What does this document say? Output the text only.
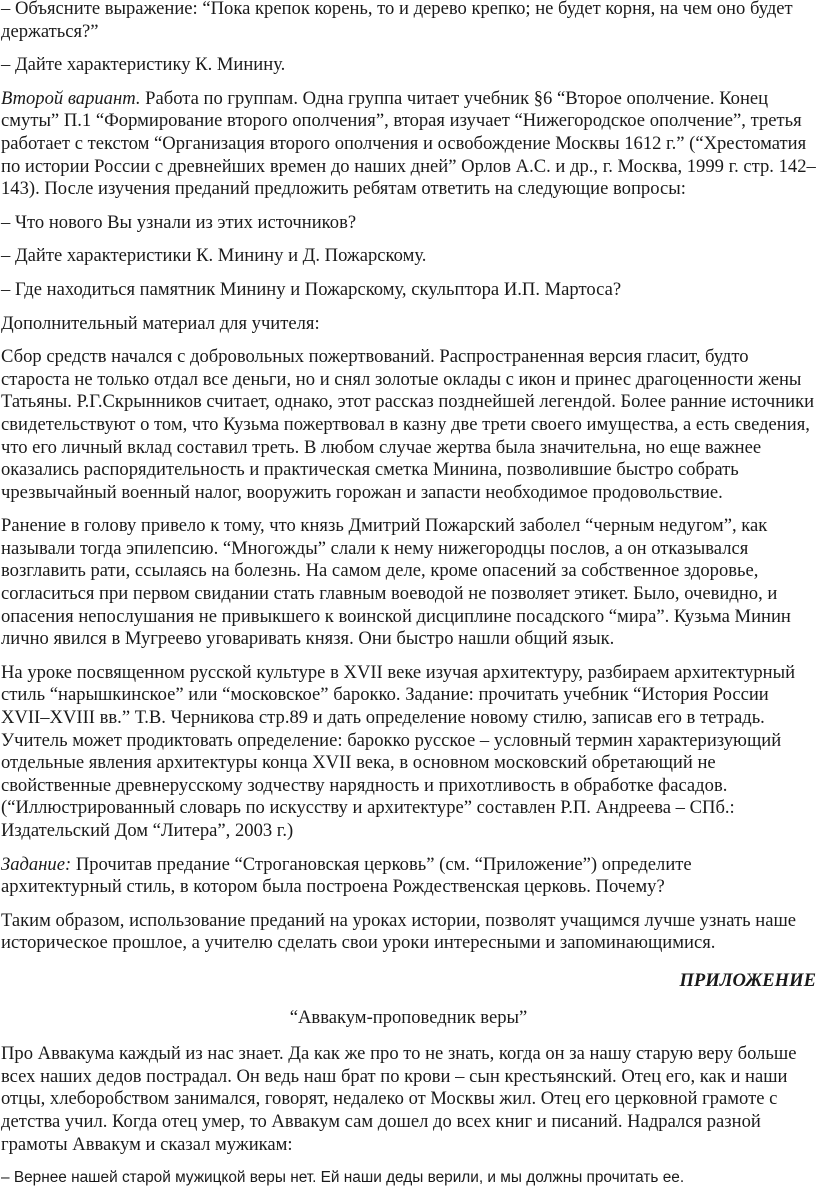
– Объясните выражение: “Пока крепок корень, то и дерево крепко; не будет корня, на чем оно будет держаться?”

– Дайте характеристику К. Минину.

Второй вариант. Работа по группам. Одна группа читает учебник §6 “Второе ополчение. Конец смуты” П.1 “Формирование второго ополчения”, вторая изучает “Нижегородское ополчение”, третья работает с текстом “Организация второго ополчения и освобождение Москвы 1612 г.” (“Хрестоматия по истории России с древнейших времен до наших дней” Орлов А.С. и др., г. Москва, 1999 г. стр. 142–143). После изучения преданий предложить ребятам ответить на следующие вопросы:

– Что нового Вы узнали из этих источников?

– Дайте характеристики К. Минину и Д. Пожарскому.

– Где находиться памятник Минину и Пожарскому, скульптора И.П. Мартоса?

Дополнительный материал для учителя:

Сбор средств начался с добровольных пожертвований. Распространенная версия гласит, будто староста не только отдал все деньги, но и снял золотые оклады с икон и принес драгоценности жены Татьяны. Р.Г.Скрынников считает, однако, этот рассказ позднейшей легендой. Более ранние источники свидетельствуют о том, что Кузьма пожертвовал в казну две трети своего имущества, а есть сведения, что его личный вклад составил треть. В любом случае жертва была значительна, но еще важнее оказались распорядительность и практическая сметка Минина, позволившие быстро собрать чрезвычайный военный налог, вооружить горожан и запасти необходимое продовольствие.

Ранение в голову привело к тому, что князь Дмитрий Пожарский заболел “черным недугом”, как называли тогда эпилепсию. “Многожды” слали к нему нижегородцы послов, а он отказывался возглавить рати, ссылаясь на болезнь. На самом деле, кроме опасений за собственное здоровье, согласиться при первом свидании стать главным воеводой не позволяет этикет. Было, очевидно, и опасения непослушания не привыкшего к воинской дисциплине посадского “мира”. Кузьма Минин лично явился в Мугреево уговаривать князя. Они быстро нашли общий язык.

На уроке посвященном русской культуре в XVII веке изучая архитектуру, разбираем архитектурный стиль “нарышкинское” или “московское” барокко. Задание: прочитать учебник “История России XVII–XVIII вв.” Т.В. Черникова стр.89 и дать определение новому стилю, записав его в тетрадь. Учитель может продиктовать определение: барокко русское – условный термин характеризующий отдельные явления архитектуры конца XVII века, в основном московский обретающий не свойственные древнерусскому зодчеству нарядность и прихотливость в обработке фасадов. (“Иллюстрированный словарь по искусству и архитектуре” составлен Р.П. Андреева – СПб.: Издательский Дом “Литера”, 2003 г.)

Задание: Прочитав предание “Строгановская церковь” (см. “Приложение”) определите архитектурный стиль, в котором была построена Рождественская церковь. Почему?

Таким образом, использование преданий на уроках истории, позволят учащимся лучше узнать наше историческое прошлое, а учителю сделать свои уроки интересными и запоминающимися.

ПРИЛОЖЕНИЕ

“Аввакум-проповедник веры”

Про Аввакума каждый из нас знает. Да как же про то не знать, когда он за нашу старую веру больше всех наших дедов пострадал. Он ведь наш брат по крови – сын крестьянский. Отец его, как и наши отцы, хлеборобством занимался, говорят, недалеко от Москвы жил. Отец его церковной грамоте с детства учил. Когда отец умер, то Аввакум сам дошел до всех книг и писаний. Надрался разной грамоты Аввакум и сказал мужикам:

– Вернее нашей старой мужицкой веры нет. Ей наши деды верили, и мы должны прочитать ее.
